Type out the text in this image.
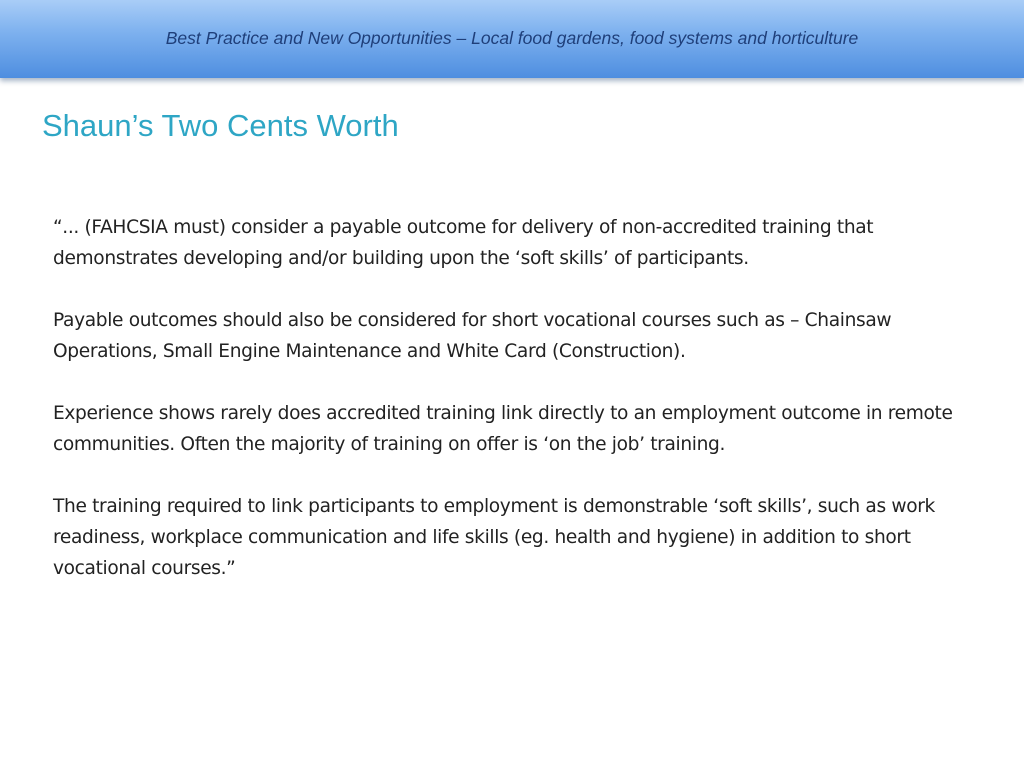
Best Practice and New Opportunities – Local food gardens, food systems and horticulture
Shaun’s Two Cents Worth

“... (FAHCSIA must) consider a payable outcome for delivery of non-accredited training that demonstrates developing and/or building upon the ‘soft skills’ of participants.

Payable outcomes should also be considered for short vocational courses such as – Chainsaw Operations, Small Engine Maintenance and White Card (Construction).

Experience shows rarely does accredited training link directly to an employment outcome in remote communities. Often the majority of training on offer is ‘on the job’ training.

The training required to link participants to employment is demonstrable ‘soft skills’, such as work readiness, workplace communication and life skills (eg. health and hygiene) in addition to short vocational courses.”
